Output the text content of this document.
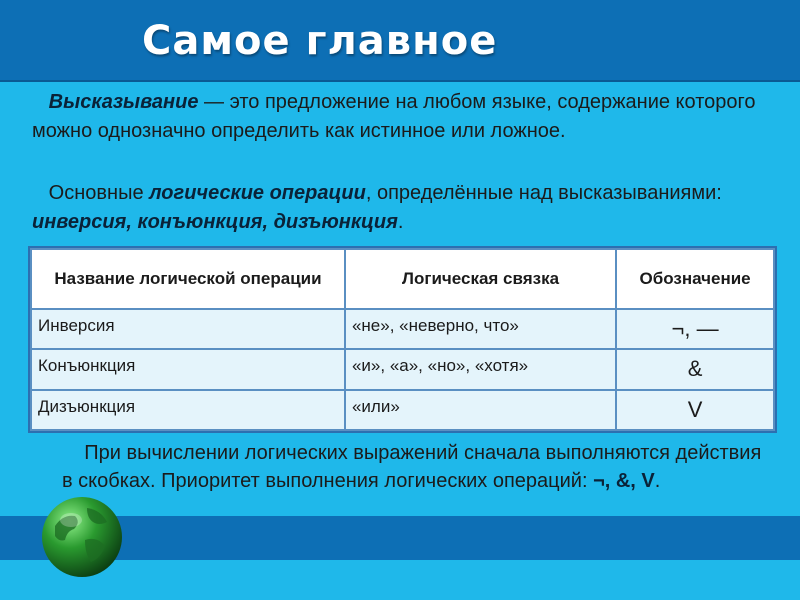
Самое главное
Высказывание — это предложение на любом языке, содержание которого можно однозначно определить как истинное или ложное.
Основные логические операции, определённые над высказываниями: инверсия, конъюнкция, дизъюнкция.
Название логической операции	Логическая связка	Обозначение
Инверсия	«не», «неверно, что»	¬, —
Конъюнкция	«и», «а», «но», «хотя»	&
Дизъюнкция	«или»	V
При вычислении логических выражений сначала выполняются действия в скобках. Приоритет выполнения логических операций: ¬, &, V.
